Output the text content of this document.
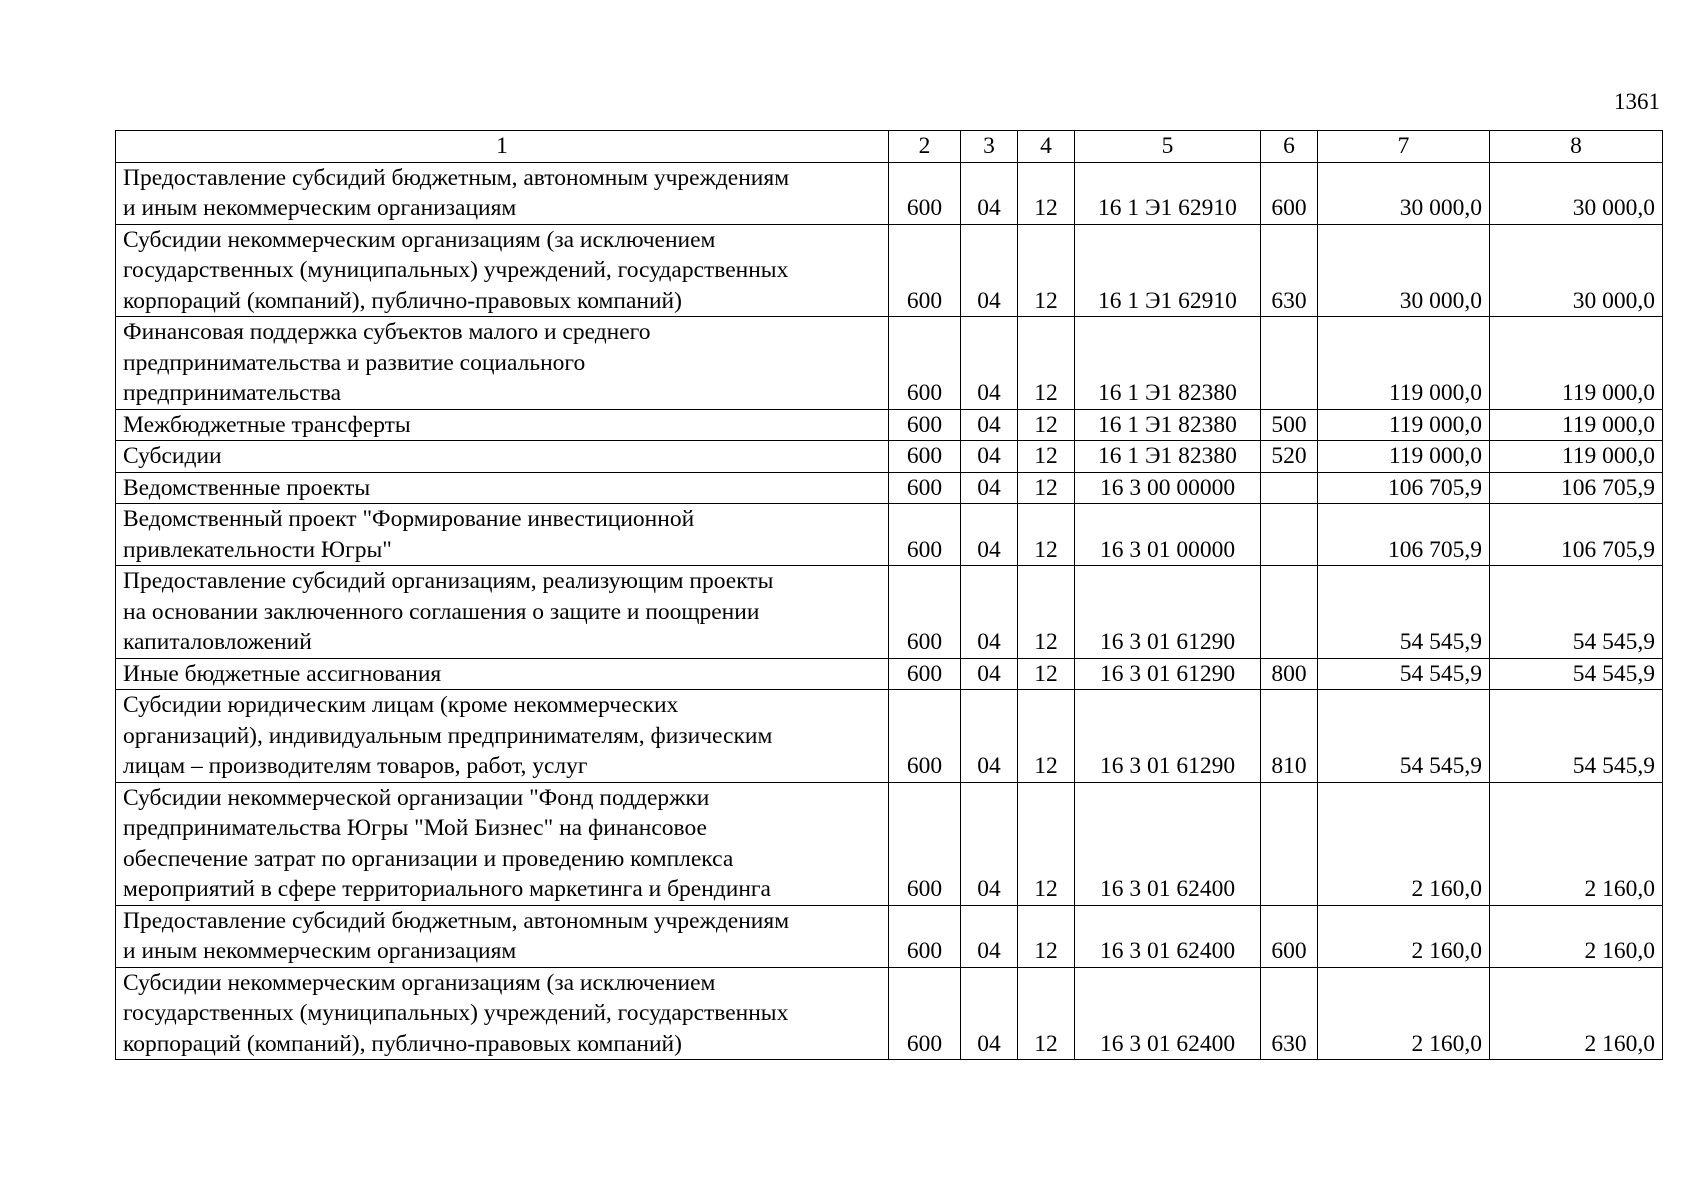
1361
1	2	3	4	5	6	7	8

Предоставление субсидий бюджетным, автономным учреждениям
и иным некоммерческим организациям	600	04	12	16 1 Э1 62910	600	30 000,0	30 000,0

Субсидии некоммерческим организациям (за исключением
государственных (муниципальных) учреждений, государственных
корпораций (компаний), публично-правовых компаний)	600	04	12	16 1 Э1 62910	630	30 000,0	30 000,0

Финансовая поддержка субъектов малого и среднего
предпринимательства и развитие социального
предпринимательства	600	04	12	16 1 Э1 82380		119 000,0	119 000,0

Межбюджетные трансферты	600	04	12	16 1 Э1 82380	500	119 000,0	119 000,0

Субсидии	600	04	12	16 1 Э1 82380	520	119 000,0	119 000,0

Ведомственные проекты	600	04	12	16 3 00 00000		106 705,9	106 705,9

Ведомственный проект "Формирование инвестиционной
привлекательности Югры"	600	04	12	16 3 01 00000		106 705,9	106 705,9

Предоставление субсидий организациям, реализующим проекты
на основании заключенного соглашения о защите и поощрении
капиталовложений	600	04	12	16 3 01 61290		54 545,9	54 545,9

Иные бюджетные ассигнования	600	04	12	16 3 01 61290	800	54 545,9	54 545,9

Субсидии юридическим лицам (кроме некоммерческих
организаций), индивидуальным предпринимателям, физическим
лицам – производителям товаров, работ, услуг	600	04	12	16 3 01 61290	810	54 545,9	54 545,9

Субсидии некоммерческой организации "Фонд поддержки
предпринимательства Югры "Мой Бизнес" на финансовое
обеспечение затрат по организации и проведению комплекса
мероприятий в сфере территориального маркетинга и брендинга	600	04	12	16 3 01 62400		2 160,0	2 160,0

Предоставление субсидий бюджетным, автономным учреждениям
и иным некоммерческим организациям	600	04	12	16 3 01 62400	600	2 160,0	2 160,0

Субсидии некоммерческим организациям (за исключением
государственных (муниципальных) учреждений, государственных
корпораций (компаний), публично-правовых компаний)	600	04	12	16 3 01 62400	630	2 160,0	2 160,0
